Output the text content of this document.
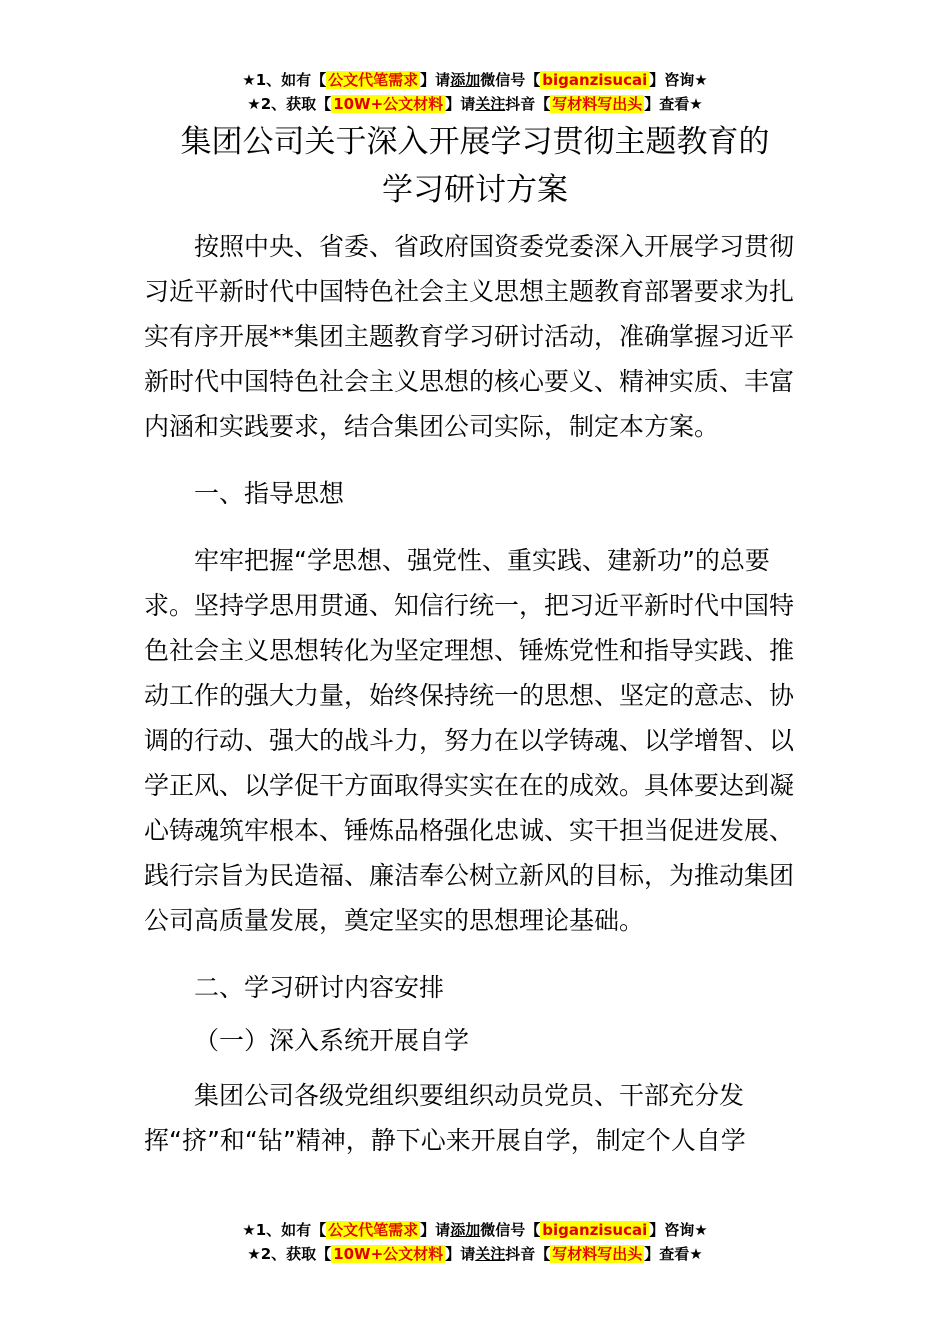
★1、如有【 公文代笔需求 】请添加微信号【 biganzisucai 】咨询★
★2、获取【 10W+公文材料 】请关注抖音【 写材料写出头 】查看★
集团公司关于深入开展学习贯彻主题教育的
学习研讨方案

按照中央、省委、省政府国资委党委深入开展学习贯彻习近平新时代中国特色社会主义思想主题教育部署要求为扎实有序开展**集团主题教育学习研讨活动，准确掌握习近平新时代中国特色社会主义思想的核心要义、精神实质、丰富内涵和实践要求，结合集团公司实际，制定本方案。

一、指导思想

牢牢把握“学思想、强党性、重实践、建新功”的总要求。坚持学思用贯通、知信行统一，把习近平新时代中国特色社会主义思想转化为坚定理想、锤炼党性和指导实践、推动工作的强大力量，始终保持统一的思想、坚定的意志、协调的行动、强大的战斗力，努力在以学铸魂、以学增智、以学正风、以学促干方面取得实实在在的成效。具体要达到凝心铸魂筑牢根本、锤炼品格强化忠诚、实干担当促进发展、践行宗旨为民造福、廉洁奉公树立新风的目标，为推动集团公司高质量发展，奠定坚实的思想理论基础。

二、学习研讨内容安排

（一）深入系统开展自学

集团公司各级党组织要组织动员党员、干部充分发挥“挤”和“钻”精神，静下心来开展自学，制定个人自学

★1、如有【 公文代笔需求 】请添加微信号【 biganzisucai 】咨询★
★2、获取【 10W+公文材料 】请关注抖音【 写材料写出头 】查看★
